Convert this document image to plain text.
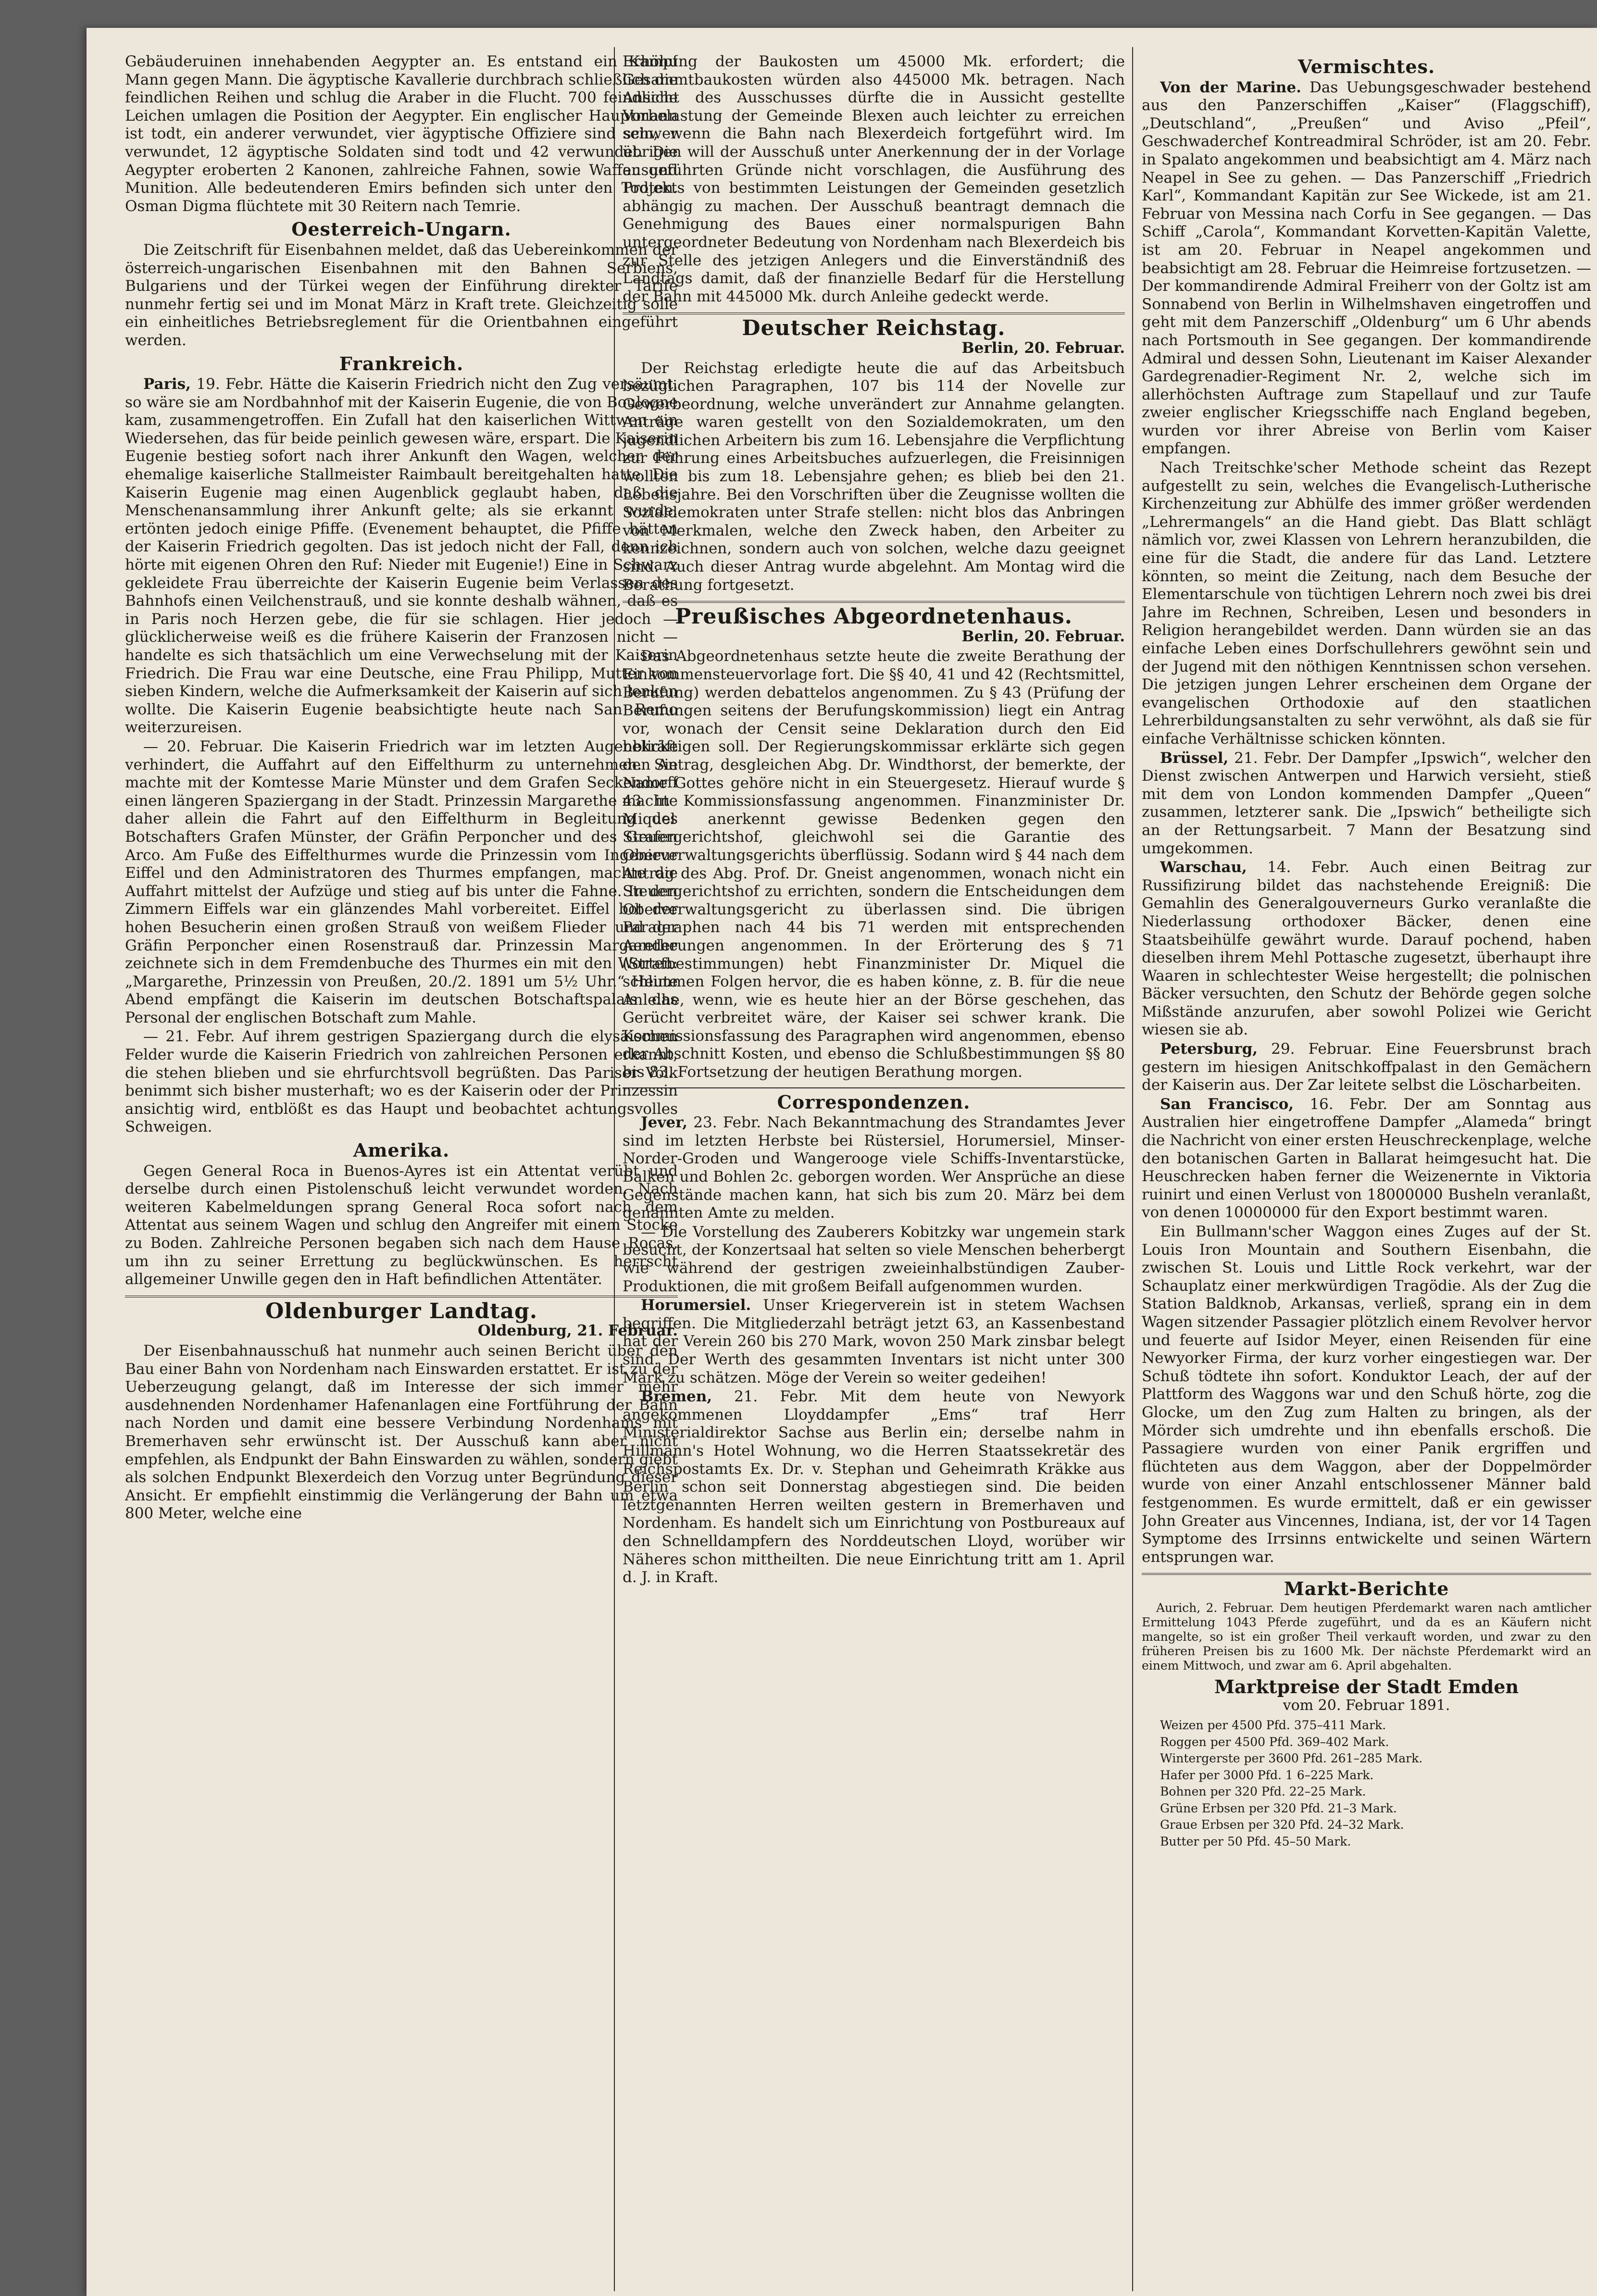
Gebäuderuinen innehabenden Aegypter an. Es entstand ein Kampf Mann gegen Mann. Die ägyptische Kavallerie durchbrach schließlich die feindlichen Reihen und schlug die Araber in die Flucht. 700 feindliche Leichen umlagen die Position der Aegypter. Ein englischer Hauptmann ist todt, ein anderer verwundet, vier ägyptische Offiziere sind schwer verwundet, 12 ägyptische Soldaten sind todt und 42 verwundet. Die Aegypter eroberten 2 Kanonen, zahlreiche Fahnen, sowie Waffen und Munition. Alle bedeutenderen Emirs befinden sich unter den Todten. Osman Digma flüchtete mit 30 Reitern nach Temrie.

Oesterreich-Ungarn.

Die Zeitschrift für Eisenbahnen meldet, daß das Uebereinkommen der österreich-ungarischen Eisenbahnen mit den Bahnen Serbiens, Bulgariens und der Türkei wegen der Einführung direkter Tarife nunmehr fertig sei und im Monat März in Kraft trete. Gleichzeitig solle ein einheitliches Betriebsreglement für die Orientbahnen eingeführt werden.

Frankreich.

Paris, 19. Febr. Hätte die Kaiserin Friedrich nicht den Zug versäumt, so wäre sie am Nordbahnhof mit der Kaiserin Eugenie, die von Boulogne kam, zusammengetroffen. Ein Zufall hat den kaiserlichen Wittwen ein Wiedersehen, das für beide peinlich gewesen wäre, erspart. Die Kaiserin Eugenie bestieg sofort nach ihrer Ankunft den Wagen, welcher der ehemalige kaiserliche Stallmeister Raimbault bereitgehalten hatte. Die Kaiserin Eugenie mag einen Augenblick geglaubt haben, daß die Menschenansammlung ihrer Ankunft gelte; als sie erkannt wurde, ertönten jedoch einige Pfiffe. (Evenement behauptet, die Pfiffe hätten der Kaiserin Friedrich gegolten. Das ist jedoch nicht der Fall, denn ich hörte mit eigenen Ohren den Ruf: Nieder mit Eugenie!) Eine in Schwarz gekleidete Frau überreichte der Kaiserin Eugenie beim Verlassen des Bahnhofs einen Veilchenstrauß, und sie konnte deshalb wähnen, daß es in Paris noch Herzen gebe, die für sie schlagen. Hier jedoch — glücklicherweise weiß es die frühere Kaiserin der Franzosen nicht — handelte es sich thatsächlich um eine Verwechselung mit der Kaiserin Friedrich. Die Frau war eine Deutsche, eine Frau Philipp, Mutter von sieben Kindern, welche die Aufmerksamkeit der Kaiserin auf sich lenken wollte. Die Kaiserin Eugenie beabsichtigte heute nach San Remo weiterzureisen.

— 20. Februar. Die Kaiserin Friedrich war im letzten Augenblicke verhindert, die Auffahrt auf den Eiffelthurm zu unternehmen. Sie machte mit der Komtesse Marie Münster und dem Grafen Seckendorff einen längeren Spaziergang in der Stadt. Prinzessin Margarethe machte daher allein die Fahrt auf den Eiffelthurm in Begleitung des Botschafters Grafen Münster, der Gräfin Perponcher und des Grafen Arco. Am Fuße des Eiffelthurmes wurde die Prinzessin vom Ingenieur Eiffel und den Administratoren des Thurmes empfangen, machte die Auffahrt mittelst der Aufzüge und stieg auf bis unter die Fahne. In den Zimmern Eiffels war ein glänzendes Mahl vorbereitet. Eiffel bot der hohen Besucherin einen großen Strauß von weißem Flieder und der Gräfin Perponcher einen Rosenstrauß dar. Prinzessin Margarethe zeichnete sich in dem Fremdenbuche des Thurmes ein mit den Worten: „Margarethe, Prinzessin von Preußen, 20./2. 1891 um 5½ Uhr.“ Heute Abend empfängt die Kaiserin im deutschen Botschaftspalais das Personal der englischen Botschaft zum Mahle.

— 21. Febr. Auf ihrem gestrigen Spaziergang durch die elysäischen Felder wurde die Kaiserin Friedrich von zahlreichen Personen erkannt, die stehen blieben und sie ehrfurchtsvoll begrüßten. Das Pariser Volk benimmt sich bisher musterhaft; wo es der Kaiserin oder der Prinzessin ansichtig wird, entblößt es das Haupt und beobachtet achtungsvolles Schweigen.

Amerika.

Gegen General Roca in Buenos-Ayres ist ein Attentat verübt und derselbe durch einen Pistolenschuß leicht verwundet worden. Nach weiteren Kabelmeldungen sprang General Roca sofort nach dem Attentat aus seinem Wagen und schlug den Angreifer mit einem Stocke zu Boden. Zahlreiche Personen begaben sich nach dem Hause Rocas, um ihn zu seiner Errettung zu beglückwünschen. Es herrscht allgemeiner Unwille gegen den in Haft befindlichen Attentäter.

Oldenburger Landtag.
Oldenburg, 21. Februar.

Der Eisenbahnausschuß hat nunmehr auch seinen Bericht über den Bau einer Bahn von Nordenham nach Einswarden erstattet. Er ist zu der Ueberzeugung gelangt, daß im Interesse der sich immer mehr ausdehnenden Nordenhamer Hafenanlagen eine Fortführung der Bahn nach Norden und damit eine bessere Verbindung Nordenhams mit Bremerhaven sehr erwünscht ist. Der Ausschuß kann aber nicht empfehlen, als Endpunkt der Bahn Einswarden zu wählen, sondern giebt als solchen Endpunkt Blexerdeich den Vorzug unter Begründung dieser Ansicht. Er empfiehlt einstimmig die Verlängerung der Bahn um etwa 800 Meter, welche eine

Erhöhung der Baukosten um 45000 Mk. erfordert; die Gesammtbaukosten würden also 445000 Mk. betragen. Nach Ansicht des Ausschusses dürfte die in Aussicht gestellte Vorbelastung der Gemeinde Blexen auch leichter zu erreichen sein, wenn die Bahn nach Blexerdeich fortgeführt wird. Im übrigen will der Ausschuß unter Anerkennung der in der Vorlage ausgeführten Gründe nicht vorschlagen, die Ausführung des Projekts von bestimmten Leistungen der Gemeinden gesetzlich abhängig zu machen. Der Ausschuß beantragt demnach die Genehmigung des Baues einer normalspurigen Bahn untergeordneter Bedeutung von Nordenham nach Blexerdeich bis zur Stelle des jetzigen Anlegers und die Einverständniß des Landtags damit, daß der finanzielle Bedarf für die Herstellung der Bahn mit 445000 Mk. durch Anleihe gedeckt werde.

Deutscher Reichstag.
Berlin, 20. Februar.

Der Reichstag erledigte heute die auf das Arbeitsbuch bezüglichen Paragraphen, 107 bis 114 der Novelle zur Gewerbeordnung, welche unverändert zur Annahme gelangten. Anträge waren gestellt von den Sozialdemokraten, um den jugendlichen Arbeitern bis zum 16. Lebensjahre die Verpflichtung zur Führung eines Arbeitsbuches aufzuerlegen, die Freisinnigen wollten bis zum 18. Lebensjahre gehen; es blieb bei den 21. Lebensjahre. Bei den Vorschriften über die Zeugnisse wollten die Sozialdemokraten unter Strafe stellen: nicht blos das Anbringen von Merkmalen, welche den Zweck haben, den Arbeiter zu kennzeichnen, sondern auch von solchen, welche dazu geeignet sind. Auch dieser Antrag wurde abgelehnt. Am Montag wird die Berathung fortgesetzt.

Preußisches Abgeordnetenhaus.
Berlin, 20. Februar.

Das Abgeordnetenhaus setzte heute die zweite Berathung der Einkommensteuervorlage fort. Die §§ 40, 41 und 42 (Rechtsmittel, Berufung) werden debattelos angenommen. Zu § 43 (Prüfung der Berufungen seitens der Berufungskommission) liegt ein Antrag vor, wonach der Censit seine Deklaration durch den Eid bekräftigen soll. Der Regierungskommissar erklärte sich gegen den Antrag, desgleichen Abg. Dr. Windthorst, der bemerkte, der Name Gottes gehöre nicht in ein Steuergesetz. Hierauf wurde § 43 in Kommissionsfassung angenommen. Finanzminister Dr. Miquel anerkennt gewisse Bedenken gegen den Steuergerichtshof, gleichwohl sei die Garantie des Oberverwaltungsgerichts überflüssig. Sodann wird § 44 nach dem Antrag des Abg. Prof. Dr. Gneist angenommen, wonach nicht ein Steuergerichtshof zu errichten, sondern die Entscheidungen dem Oberverwaltungsgericht zu überlassen sind. Die übrigen Paragraphen nach 44 bis 71 werden mit entsprechenden Aenderungen angenommen. In der Erörterung des § 71 (Strafbestimmungen) hebt Finanzminister Dr. Miquel die schlimmen Folgen hervor, die es haben könne, z. B. für die neue Anleihe, wenn, wie es heute hier an der Börse geschehen, das Gerücht verbreitet wäre, der Kaiser sei schwer krank. Die Kommissionsfassung des Paragraphen wird angenommen, ebenso der Abschnitt Kosten, und ebenso die Schlußbestimmungen §§ 80 bis 83. Fortsetzung der heutigen Berathung morgen.

Correspondenzen.

Jever, 23. Febr. Nach Bekanntmachung des Strandamtes Jever sind im letzten Herbste bei Rüstersiel, Horumersiel, Minser-Norder-Groden und Wangerooge viele Schiffs-Inventarstücke, Balken und Bohlen 2c. geborgen worden. Wer Ansprüche an diese Gegenstände machen kann, hat sich bis zum 20. März bei dem genannten Amte zu melden.

— Die Vorstellung des Zauberers Kobitzky war ungemein stark besucht, der Konzertsaal hat selten so viele Menschen beherbergt wie während der gestrigen zweieinhalbstündigen Zauber-Produktionen, die mit großem Beifall aufgenommen wurden.

Horumersiel. Unser Kriegerverein ist in stetem Wachsen begriffen. Die Mitgliederzahl beträgt jetzt 63, an Kassenbestand hat der Verein 260 bis 270 Mark, wovon 250 Mark zinsbar belegt sind. Der Werth des gesammten Inventars ist nicht unter 300 Mark zu schätzen. Möge der Verein so weiter gedeihen!

Bremen, 21. Febr. Mit dem heute von Newyork angekommenen Lloyddampfer „Ems“ traf Herr Ministerialdirektor Sachse aus Berlin ein; derselbe nahm in Hillmann's Hotel Wohnung, wo die Herren Staatssekretär des Reichspostamts Ex. Dr. v. Stephan und Geheimrath Kräkke aus Berlin schon seit Donnerstag abgestiegen sind. Die beiden letztgenannten Herren weilten gestern in Bremerhaven und Nordenham. Es handelt sich um Einrichtung von Postbureaux auf den Schnelldampfern des Norddeutschen Lloyd, worüber wir Näheres schon mittheilten. Die neue Einrichtung tritt am 1. April d. J. in Kraft.

Vermischtes.

Von der Marine. Das Uebungsgeschwader bestehend aus den Panzerschiffen „Kaiser“ (Flaggschiff), „Deutschland“, „Preußen“ und Aviso „Pfeil“, Geschwaderchef Kontreadmiral Schröder, ist am 20. Febr. in Spalato angekommen und beabsichtigt am 4. März nach Neapel in See zu gehen. — Das Panzerschiff „Friedrich Karl“, Kommandant Kapitän zur See Wickede, ist am 21. Februar von Messina nach Corfu in See gegangen. — Das Schiff „Carola“, Kommandant Korvetten-Kapitän Valette, ist am 20. Februar in Neapel angekommen und beabsichtigt am 28. Februar die Heimreise fortzusetzen. — Der kommandirende Admiral Freiherr von der Goltz ist am Sonnabend von Berlin in Wilhelmshaven eingetroffen und geht mit dem Panzerschiff „Oldenburg“ um 6 Uhr abends nach Portsmouth in See gegangen. Der kommandirende Admiral und dessen Sohn, Lieutenant im Kaiser Alexander Gardegrenadier-Regiment Nr. 2, welche sich im allerhöchsten Auftrage zum Stapellauf und zur Taufe zweier englischer Kriegsschiffe nach England begeben, wurden vor ihrer Abreise von Berlin vom Kaiser empfangen.

Nach Treitschke'scher Methode scheint das Rezept aufgestellt zu sein, welches die Evangelisch-Lutherische Kirchenzeitung zur Abhülfe des immer größer werdenden „Lehrermangels“ an die Hand giebt. Das Blatt schlägt nämlich vor, zwei Klassen von Lehrern heranzubilden, die eine für die Stadt, die andere für das Land. Letztere könnten, so meint die Zeitung, nach dem Besuche der Elementarschule von tüchtigen Lehrern noch zwei bis drei Jahre im Rechnen, Schreiben, Lesen und besonders in Religion herangebildet werden. Dann würden sie an das einfache Leben eines Dorfschullehrers gewöhnt sein und der Jugend mit den nöthigen Kenntnissen schon versehen. Die jetzigen jungen Lehrer erscheinen dem Organe der evangelischen Orthodoxie auf den staatlichen Lehrerbildungsanstalten zu sehr verwöhnt, als daß sie für einfache Verhältnisse schicken könnten.

Brüssel, 21. Febr. Der Dampfer „Ipswich“, welcher den Dienst zwischen Antwerpen und Harwich versieht, stieß mit dem von London kommenden Dampfer „Queen“ zusammen, letzterer sank. Die „Ipswich“ betheiligte sich an der Rettungsarbeit. 7 Mann der Besatzung sind umgekommen.

Warschau, 14. Febr. Auch einen Beitrag zur Russifizirung bildet das nachstehende Ereigniß: Die Gemahlin des Generalgouverneurs Gurko veranlaßte die Niederlassung orthodoxer Bäcker, denen eine Staatsbeihülfe gewährt wurde. Darauf pochend, haben dieselben ihrem Mehl Pottasche zugesetzt, überhaupt ihre Waaren in schlechtester Weise hergestellt; die polnischen Bäcker versuchten, den Schutz der Behörde gegen solche Mißstände anzurufen, aber sowohl Polizei wie Gericht wiesen sie ab.

Petersburg, 29. Februar. Eine Feuersbrunst brach gestern im hiesigen Anitschkoffpalast in den Gemächern der Kaiserin aus. Der Zar leitete selbst die Löscharbeiten.

San Francisco, 16. Febr. Der am Sonntag aus Australien hier eingetroffene Dampfer „Alameda“ bringt die Nachricht von einer ersten Heuschreckenplage, welche den botanischen Garten in Ballarat heimgesucht hat. Die Heuschrecken haben ferner die Weizenernte in Viktoria ruinirt und einen Verlust von 18000000 Busheln veranlaßt, von denen 10000000 für den Export bestimmt waren.

Ein Bullmann'scher Waggon eines Zuges auf der St. Louis Iron Mountain and Southern Eisenbahn, die zwischen St. Louis und Little Rock verkehrt, war der Schauplatz einer merkwürdigen Tragödie. Als der Zug die Station Baldknob, Arkansas, verließ, sprang ein in dem Wagen sitzender Passagier plötzlich einem Revolver hervor und feuerte auf Isidor Meyer, einen Reisenden für eine Newyorker Firma, der kurz vorher eingestiegen war. Der Schuß tödtete ihn sofort. Konduktor Leach, der auf der Plattform des Waggons war und den Schuß hörte, zog die Glocke, um den Zug zum Halten zu bringen, als der Mörder sich umdrehte und ihn ebenfalls erschoß. Die Passagiere wurden von einer Panik ergriffen und flüchteten aus dem Waggon, aber der Doppelmörder wurde von einer Anzahl entschlossener Männer bald festgenommen. Es wurde ermittelt, daß er ein gewisser John Greater aus Vincennes, Indiana, ist, der vor 14 Tagen Symptome des Irrsinns entwickelte und seinen Wärtern entsprungen war.

Markt-Berichte

Aurich, 2. Februar. Dem heutigen Pferdemarkt waren nach amtlicher Ermittelung 1043 Pferde zugeführt, und da es an Käufern nicht mangelte, so ist ein großer Theil verkauft worden, und zwar zu den früheren Preisen bis zu 1600 Mk. Der nächste Pferdemarkt wird an einem Mittwoch, und zwar am 6. April abgehalten.

Marktpreise der Stadt Emden
vom 20. Februar 1891.

Weizen per 4500 Pfd. 375–411 Mark.

Roggen per 4500 Pfd. 369–402 Mark.

Wintergerste per 3600 Pfd. 261–285 Mark.

Hafer per 3000 Pfd. 1 6–225 Mark.

Bohnen per 320 Pfd. 22–25 Mark.

Grüne Erbsen per 320 Pfd. 21–3 Mark.

Graue Erbsen per 320 Pfd. 24–32 Mark.

Butter per 50 Pfd. 45–50 Mark.
